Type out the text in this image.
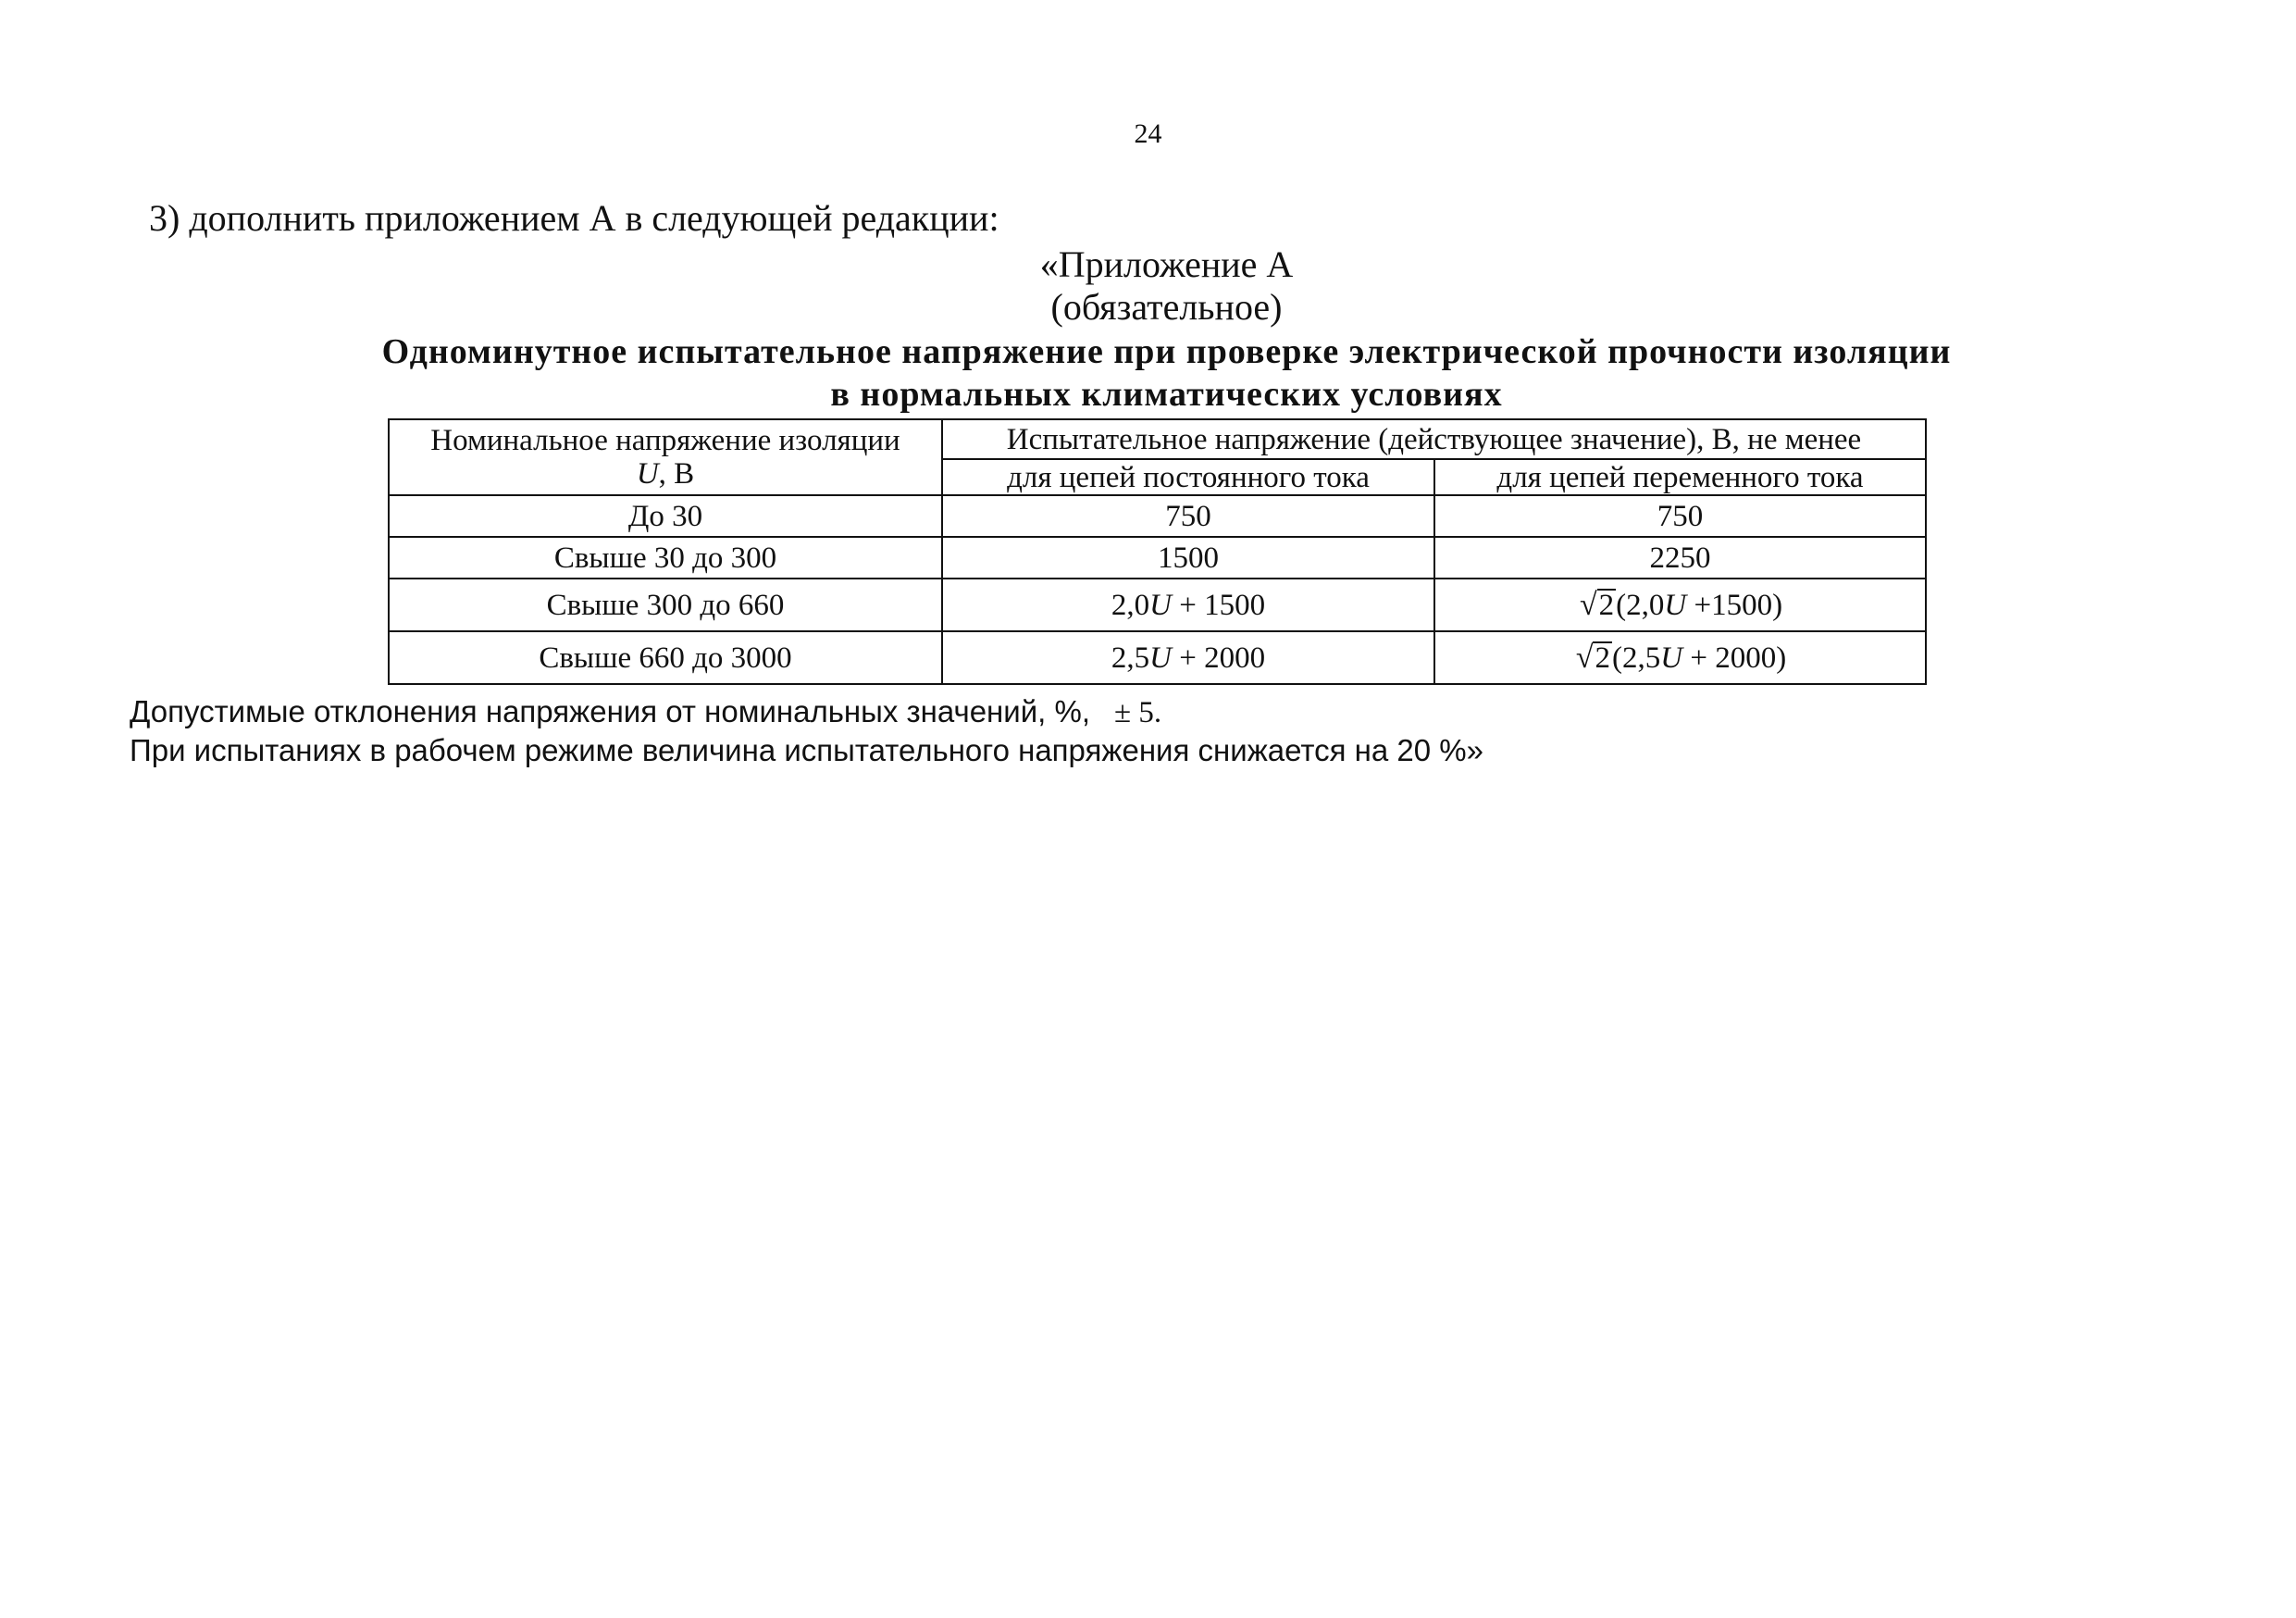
24
3) дополнить приложением А в следующей редакции:
«Приложение А
(обязательное)
Одноминутное испытательное напряжение при проверке электрической прочности изоляции
в нормальных климатических условиях
Номинальное напряжение изоляции
U, В	Испытательное напряжение (действующее значение), В, не менее	
	для цепей постоянного тока	для цепей переменного тока
До 30	750	750
Свыше 30 до 300	1500	2250
Свыше 300 до 660	2,0U + 1500	√2(2,0U +1500)
Свыше 660 до 3000	2,5U + 2000	√2(2,5U + 2000)
Допустимые отклонения напряжения от номинальных значений, %, ± 5.
При испытаниях в рабочем режиме величина испытательного напряжения снижается на 20 %»
